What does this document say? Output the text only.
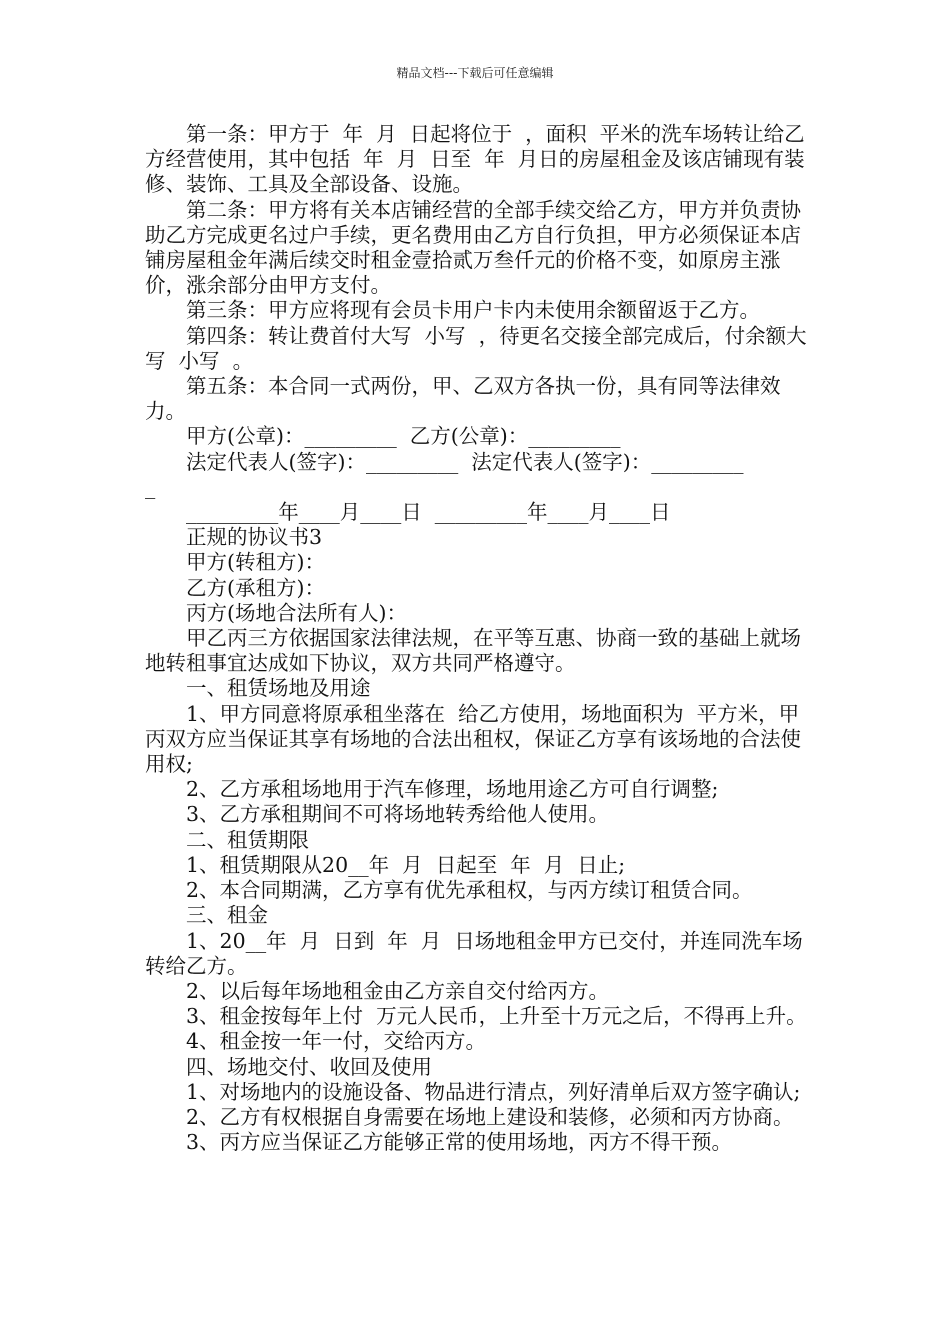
精品文档---下载后可任意编辑

第一条：甲方于  年  月  日起将位于  ，面积  平米的洗车场转让给乙方经营使用，其中包括  年  月  日至  年  月日的房屋租金及该店铺现有装修、装饰、工具及全部设备、设施。

第二条：甲方将有关本店铺经营的全部手续交给乙方，甲方并负责协助乙方完成更名过户手续，更名费用由乙方自行负担，甲方必须保证本店铺房屋租金年满后续交时租金壹拾贰万叁仟元的价格不变，如原房主涨价，涨余部分由甲方支付。

第三条：甲方应将现有会员卡用户卡内未使用余额留返于乙方。

第四条：转让费首付大写  小写  ，待更名交接全部完成后，付余额大写  小写  。

第五条：本合同一式两份，甲、乙双方各执一份，具有同等法律效力。

甲方(公章)：_________  乙方(公章)：_________

法定代表人(签字)：_________  法定代表人(签字)：_________

_

_________年____月____日  _________年____月____日

正规的协议书3

甲方(转租方)：

乙方(承租方)：

丙方(场地合法所有人)：

甲乙丙三方依据国家法律法规，在平等互惠、协商一致的基础上就场地转租事宜达成如下协议，双方共同严格遵守。

一、租赁场地及用途

1、甲方同意将原承租坐落在  给乙方使用，场地面积为  平方米，甲丙双方应当保证其享有场地的合法出租权，保证乙方享有该场地的合法使用权;

2、乙方承租场地用于汽车修理，场地用途乙方可自行调整;

3、乙方承租期间不可将场地转秀给他人使用。

二、租赁期限

1、租赁期限从20__年  月  日起至  年  月  日止;

2、本合同期满，乙方享有优先承租权，与丙方续订租赁合同。

三、租金

1、20__年  月  日到  年  月  日场地租金甲方已交付，并连同洗车场转给乙方。

2、以后每年场地租金由乙方亲自交付给丙方。

3、租金按每年上付  万元人民币，上升至十万元之后，不得再上升。

4、租金按一年一付，交给丙方。

四、场地交付、收回及使用

1、对场地内的设施设备、物品进行清点，列好清单后双方签字确认;

2、乙方有权根据自身需要在场地上建设和装修，必须和丙方协商。

3、丙方应当保证乙方能够正常的使用场地，丙方不得干预。
